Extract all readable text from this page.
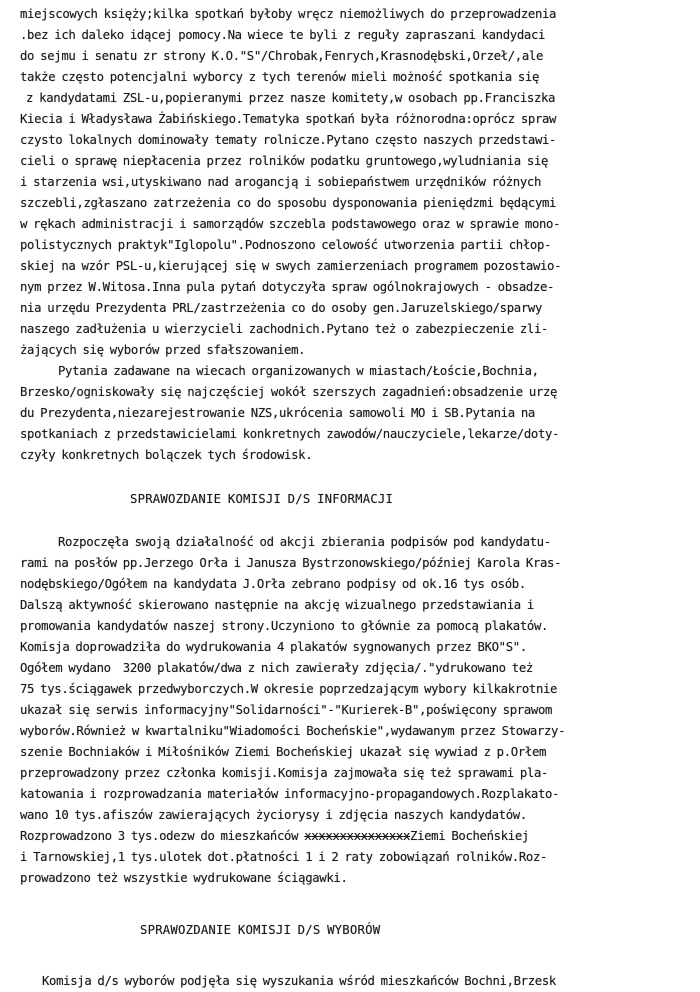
miejscowych księży;kilka spotkań byłoby wręcz niemożliwych do przeprowadzenia
.bez ich daleko idącej pomocy.Na wiece te byli z reguły zapraszani kandydaci
do sejmu i senatu zr strony K.O."S"/Chrobak,Fenrych,Krasnodębski,Orzeł/,ale
także często potencjalni wyborcy z tych terenów mieli możność spotkania się
z kandydatami ZSL-u,popieranymi przez nasze komitety,w osobach pp.Franciszka
Kiecia i Władysława Żabińskiego.Tematyka spotkań była różnorodna:oprócz spraw
czysto lokalnych dominowały tematy rolnicze.Pytano często naszych przedstawi-
cieli o sprawę niepłacenia przez rolników podatku gruntowego,wyludniania się
i starzenia wsi,utyskiwano nad arogancją i sobiepaństwem urzędników różnych
szczebli,zgłaszano zatrzeżenia co do sposobu dysponowania pieniędzmi będącymi
w rękach administracji i samorządów szczebla podstawowego oraz w sprawie mono-
polistycznych praktyk"Iglopolu".Podnoszono celowość utworzenia partii chłop-
skiej na wzór PSL-u,kierującej się w swych zamierzeniach programem pozostawio-
nym przez W.Witosa.Inna pula pytań dotyczyła spraw ogólnokrajowych - obsadze-
nia urzędu Prezydenta PRL/zastrzeżenia co do osoby gen.Jaruzelskiego/sparwy
naszego zadłużenia u wierzycieli zachodnich.Pytano też o zabezpieczenie zli-
żających się wyborów przed sfałszowaniem.
Pytania zadawane na wiecach organizowanych w miastach/Łoście,Bochnia,
Brzesko/ogniskowały się najczęściej wokół szerszych zagadnień:obsadzenie urzę
du Prezydenta,niezarejestrowanie NZS,ukrócenia samowoli MO i SB.Pytania na
spotkaniach z przedstawicielami konkretnych zawodów/nauczyciele,lekarze/doty-
czyły konkretnych bolączek tych środowisk.
SPRAWOZDANIE KOMISJI D/S INFORMACJI
Rozpoczęła swoją działalność od akcji zbierania podpisów pod kandydatu-
rami na posłów pp.Jerzego Orła i Janusza Bystrzonowskiego/później Karola Kras-
nodębskiego/Ogółem na kandydata J.Orła zebrano podpisy od ok.16 tys osób.
Dalszą aktywność skierowano następnie na akcję wizualnego przedstawiania i
promowania kandydatów naszej strony.Uczyniono to głównie za pomocą plakatów.
Komisja doprowadziła do wydrukowania 4 plakatów sygnowanych przez BKO"S".
Ogółem wydano  3200 plakatów/dwa z nich zawierały zdjęcia/."ydrukowano też
75 tys.ściągawek przedwyborczych.W okresie poprzedzającym wybory kilkakrotnie
ukazał się serwis informacyjny"Solidarności"-"Kurierek-B",poświęcony sprawom
wyborów.Również w kwartalniku"Wiadomości Bocheńskie",wydawanym przez Stowarzy-
szenie Bochniaków i Miłośników Ziemi Bocheńskiej ukazał się wywiad z p.Orłem
przeprowadzony przez członka komisji.Komisja zajmowała się też sprawami pla-
katowania i rozprowadzania materiałów informacyjno-propagandowych.Rozplakato-
wano 10 tys.afiszów zawierających życiorysy i zdjęcia naszych kandydatów.
Rozprowadzono 3 tys.odezw do mieszkańców xxxxxxxxxxxxxxxZiemi Bocheńskiej
i Tarnowskiej,1 tys.ulotek dot.płatności 1 i 2 raty zobowiązań rolników.Roz-
prowadzono też wszystkie wydrukowane ściągawki.
SPRAWOZDANIE KOMISJI D/S WYBORÓW
Komisja d/s wyborów podjęła się wyszukania wśród mieszkańców Bochni,Brzesk
